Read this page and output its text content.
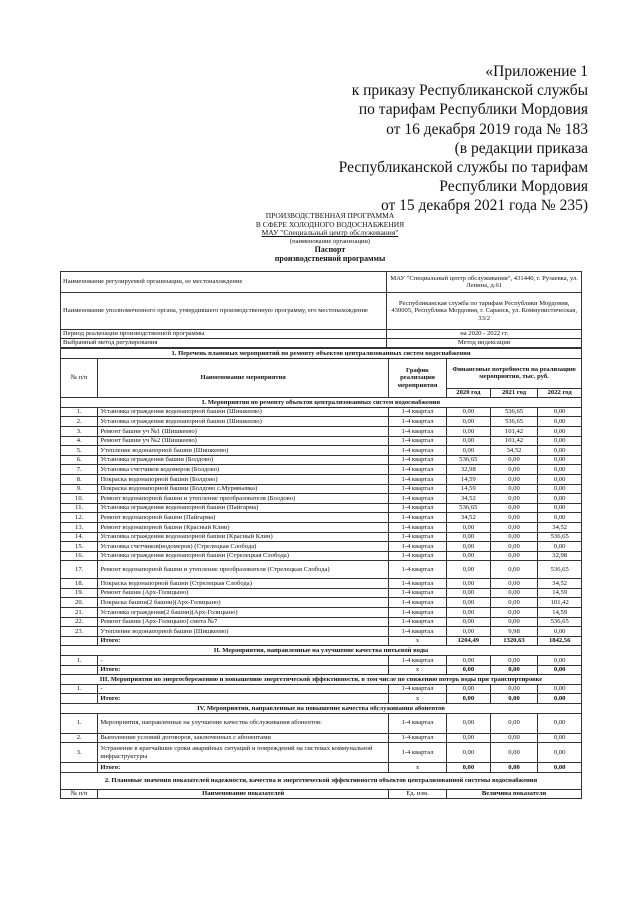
«Приложение 1
к приказу Республиканской службы
по тарифам Республики Мордовия
от 16 декабря 2019 года № 183
(в редакции приказа
Республиканской службы по тарифам
Республики Мордовия
от 15 декабря 2021 года № 235)
ПРОИЗВОДСТВЕННАЯ ПРОГРАММА
В СФЕРЕ ХОЛОДНОГО ВОДОСНАБЖЕНИЯ
МАУ "Специальный центр обслуживания"
(наименование организации)
Паспорт
производственной программы
Наименование регулируемой организации, ее местонахождение	МАУ "Специальный центр обслуживания", 431440, г. Рузаевка, ул. Ленина, д.61
Наименование уполномоченного органа, утвердившего производственную программу, его местонахождение	Республиканская служба по тарифам Республики Мордовия, 430005, Республика Мордовия, г. Саранск, ул. Коммунистическая, 33/2
Период реализации производственной программы	на 2020 - 2022 гг.
Выбранный метод регулирования	Метод индексации
1. Перечень плановых мероприятий по ремонту объектов централизованных систем водоснабжения					
№ п/п	Наименование мероприятия	График реализации мероприятия	Финансовые потребности на реализацию мероприятия, тыс. руб.		
			2020 год	2021 год	2022 год
I. Мероприятия по ремонту объектов централизованных систем водоснабжения					
1.	Установка ограждения водонапорной башни (Шишкеево)	1-4 квартал	0,00	536,65	0,00
2.	Установка ограждения водонапорной башни (Шишкеево)	1-4 квартал	0,00	536,65	0,00
3.	Ремонт башни уч №1 (Шишкеево)	1-4 квартал	0,00	101,42	0,00
4.	Ремонт башни уч №2 (Шишкеево)	1-4 квартал	0,00	101,42	0,00
5.	Утепление водонапорной башни (Шишкеево)	1-4 квартал	0,00	34,52	0,00
6.	Установка ограждения башни (Болдово)	1-4 квартал	536,65	0,00	0,00
7.	Установка счетчиков водомеров (Болдово)	1-4 квартал	32,98	0,00	0,00
8.	Покраска водонапорной башни (Болдово)	1-4 квартал	14,59	0,00	0,00
9.	Покраска водонапорной башни (Болдово с.Мурявьевка)	1-4 квартал	14,59	0,00	0,00
10.	Ремонт водонапорной башни и утепление преобразователя (Болдово)	1-4 квартал	34,52	0,00	0,00
11.	Установка ограждения водонапорной башни (Пайгарма)	1-4 квартал	536,65	0,00	0,00
12.	Ремонт водонапорной башни (Пайгарма)	1-4 квартал	34,52	0,00	0,00
13.	Ремонт водонапорной башни (Красный Клин)	1-4 квартал	0,00	0,00	34,52
14.	Установка ограждения водонапорной башни (Красный Клин)	1-4 квартал	0,00	0,00	536,65
15.	Установка счетчиков(водомеров) (Стрелецкая Слобода)	1-4 квартал	0,00	0,00	0,00
16.	Установка ограждения водонапорной башни (Стрелецкая Слобода)	1-4 квартал	0,00	0,00	32,98
17.	Ремонт водонапорной башни и утепление преобразователя (Стрелецкая Слобода)	1-4 квартал	0,00	0,00	536,65
18.	Покраска водонапорной башни (Стрелецкая Слобода)	1-4 квартал	0,00	0,00	34,52
19.	Ремонт башни (Арх-Голицыно)	1-4 квартал	0,00	0,00	14,59
20.	Покраска башни(2 башни)(Арх-Голицыно)	1-4 квартал	0,00	0,00	101,42
21.	Установка ограждения(2 башни)(Арх-Голицыно)	1-4 квартал	0,00	0,00	14,59
22.	Ремонт башни (Арх-Голицыно) смета №7	1-4 квартал	0,00	0,00	536,65
23.	Утепление водонапорной башни (Шишкеево)	1-4 квартал	0,00	9,98	0,00
	Итого:	x	1204,49	1320,63	1842,56
II. Мероприятия, направленные на улучшение качества питьевой воды					
1.	-	1-4 квартал	0,00	0,00	0,00
	Итого:	x	0,00	0,00	0,00
III. Мероприятия по энергосбережению и повышению энергетической эффективности, в том числе по снижению потерь воды при транспортировке					
1.	-	1-4 квартал	0,00	0,00	0,00
	Итого:	x	0,00	0,00	0,00
IV. Мероприятия, направленные на повышение качества обслуживания абонентов					
1.	Мероприятия, направленные на улучшение качества обслуживания абонентов:	1-4 квартал	0,00	0,00	0,00
2.	Выполнение условий договоров, заключенных с абонентами	1-4 квартал	0,00	0,00	0,00
3.	Устранение в кратчайшие сроки аварийных ситуаций и повреждений на системах коммунальной инфраструктуры	1-4 квартал	0,00	0,00	0,00
	Итого:	x	0,00	0,00	0,00
2. Плановые значения показателей надежности, качества и энергетической эффективности объектов централизованной системы водоснабжения					
№ п/п	Наименование показателей	Ед. изм.	Величина показателя		
